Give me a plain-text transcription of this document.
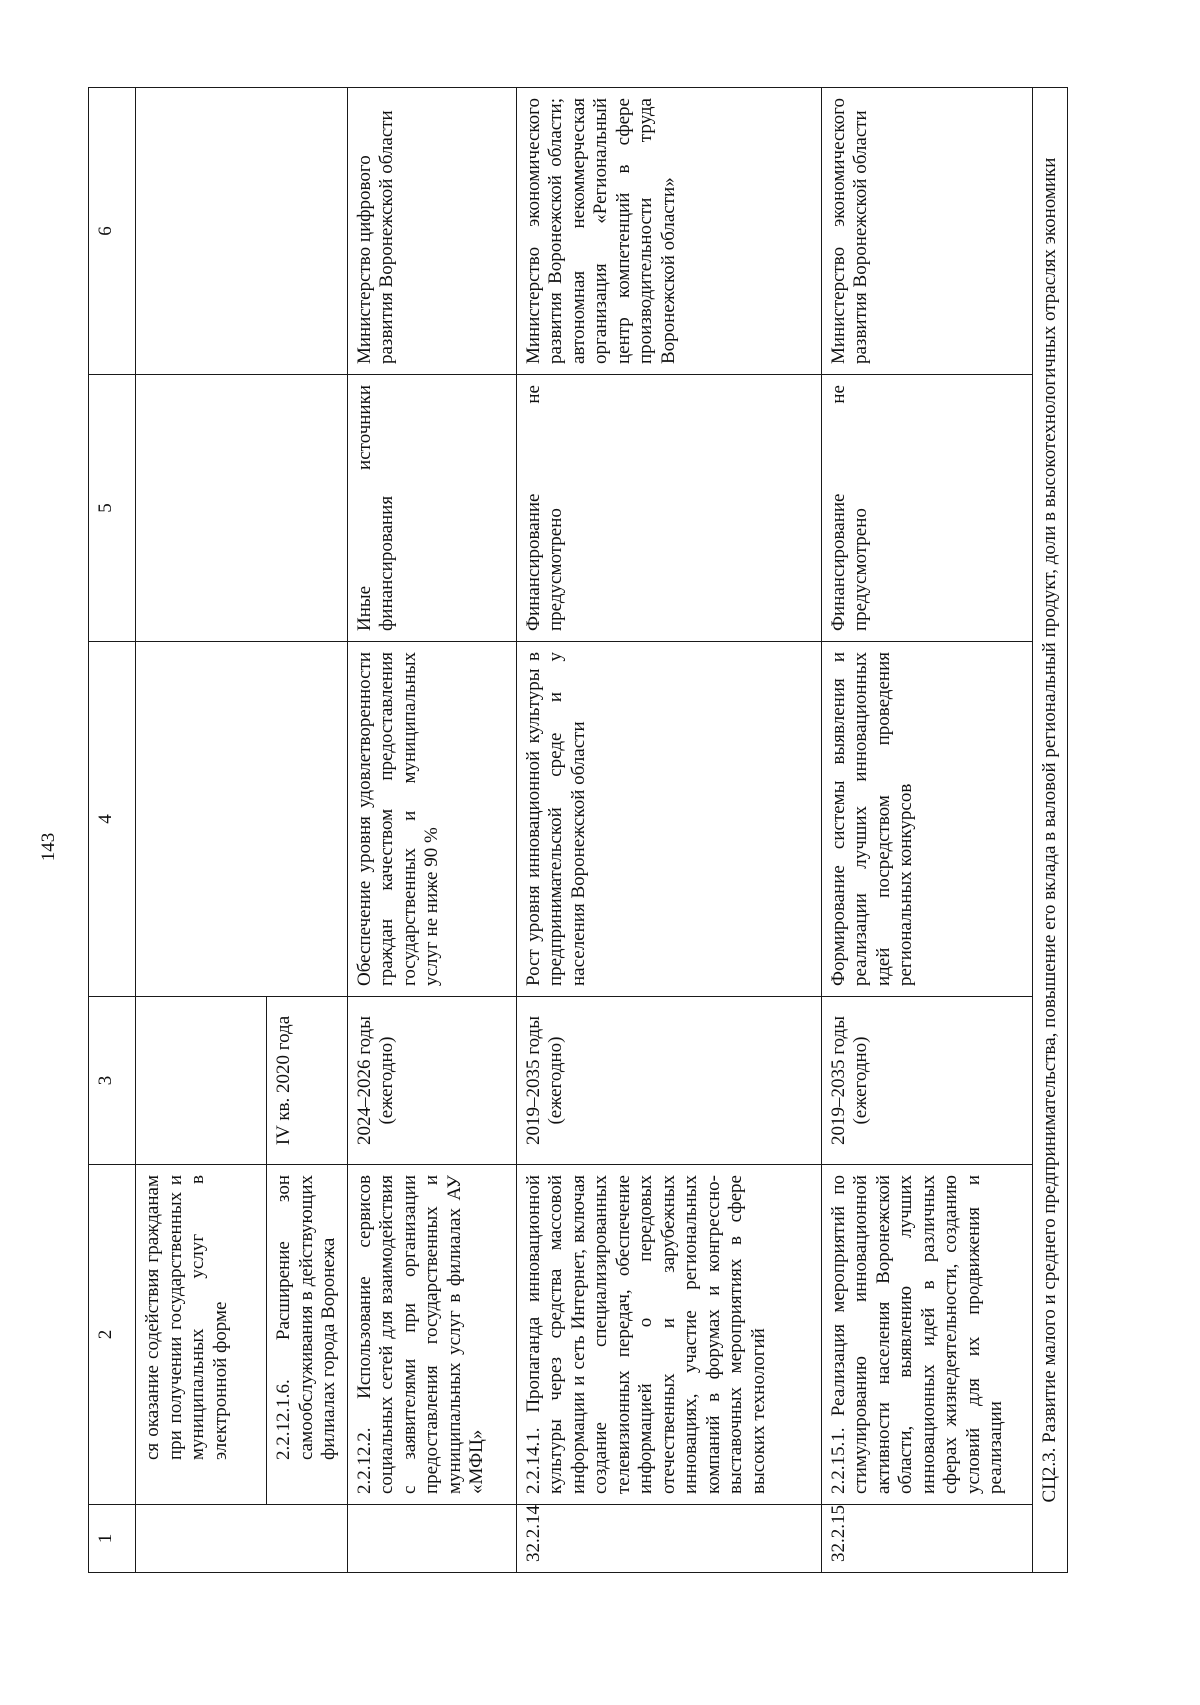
143
1	2	3	4	5	6
	ся оказание содействия гражданам при получении государственных и муниципальных услуг в электронной форме				
	2.2.12.1.6. Расширение зон самообслуживания в действующих филиалах города Воронежа	IV кв. 2020 года			
	2.2.12.2. Использование сервисов социальных сетей для взаимодействия с заявителями при организации предоставления государственных и муниципальных услуг в филиалах АУ «МФЦ»	2024–2026 годы (ежегодно)	Обеспечение уровня удовлетворенности граждан качеством предоставления государственных и муниципальных услуг не ниже 90 %	Иные источники финансирования	Министерство цифрового развития Воронежской области
32.2.14	2.2.14.1. Пропаганда инновационной культуры через средства массовой информации и сеть Интернет, включая создание специализированных телевизионных передач, обеспечение информацией о передовых отечественных и зарубежных инновациях, участие региональных компаний в форумах и конгрессно-выставочных мероприятиях в сфере высоких технологий	2019–2035 годы (ежегодно)	Рост уровня инновационной культуры в предпринимательской среде и у населения Воронежской области	Финансирование не предусмотрено	Министерство экономического развития Воронежской области; автономная некоммерческая организация «Региональный центр компетенций в сфере производительности труда Воронежской области»
32.2.15	2.2.15.1. Реализация мероприятий по стимулированию инновационной активности населения Воронежской области, выявлению лучших инновационных идей в различных сферах жизнедеятельности, созданию условий для их продвижения и реализации	2019–2035 годы (ежегодно)	Формирование системы выявления и реализации лучших инновационных идей посредством проведения региональных конкурсов	Финансирование не предусмотрено	Министерство экономического развития Воронежской области
СЦ2.3. Развитие малого и среднего предпринимательства, повышение его вклада в валовой региональный продукт, доли в высокотехнологичных отраслях экономики					
